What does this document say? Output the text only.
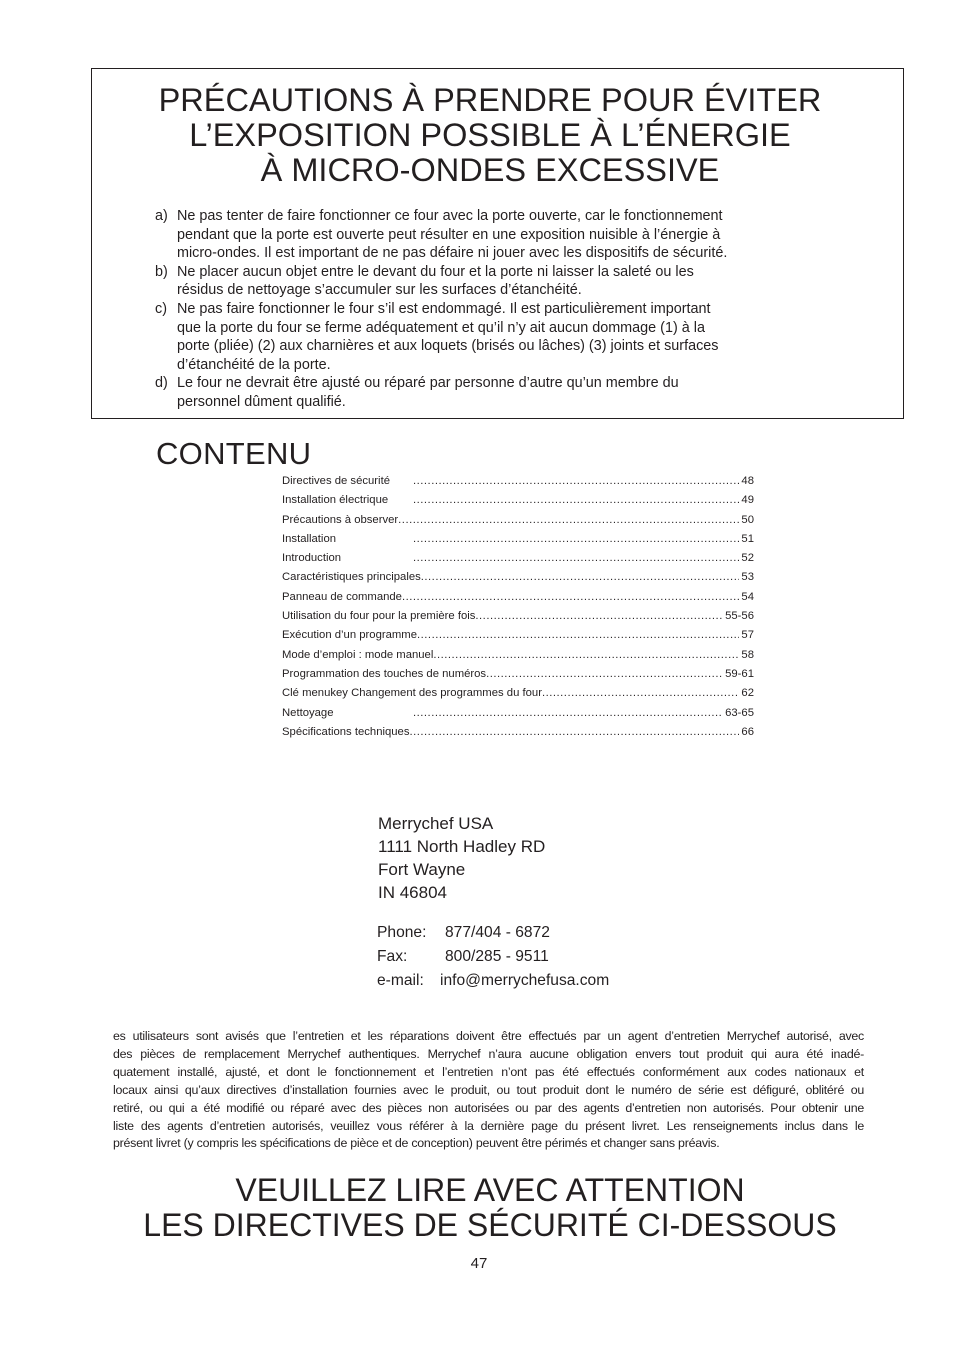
PRÉCAUTIONS À PRENDRE POUR ÉVITER
L’EXPOSITION POSSIBLE À L’ÉNERGIE
À MICRO-ONDES EXCESSIVE
a) Ne pas tenter de faire fonctionner ce four avec la porte ouverte, car le fonctionnement
pendant que la porte est ouverte peut résulter en une exposition nuisible à l’énergie à
micro-ondes. Il est important de ne pas défaire ni jouer avec les dispositifs de sécurité.
b) Ne placer aucun objet entre le devant du four et la porte ni laisser la saleté ou les
résidus de nettoyage s’accumuler sur les surfaces d’étanchéité.
c) Ne pas faire fonctionner le four s’il est endommagé. Il est particulièrement important
que la porte du four se ferme adéquatement et qu’il n’y ait aucun dommage (1) à la
porte (pliée) (2) aux charnières et aux loquets (brisés ou lâches) (3) joints et surfaces
d’étanchéité de la porte.
d) Le four ne devrait être ajusté ou réparé par personne d’autre qu’un membre du
personnel dûment qualifié.
CONTENU
Directives de sécurité .....	48
Installation électrique .....	49
Précautions à observer .....	50
Installation .....	51
Introduction .....	52
Caractéristiques principales .....	53
Panneau de commande .....	54
Utilisation du four pour la première fois .....	55-56
Exécution d’un programme .....	57
Mode d’emploi : mode manuel .....	58
Programmation des touches de numéros .....	59-61
Clé menukey Changement des programmes du four .....	62
Nettoyage .....	63-65
Spécifications techniques .....	66
Merrychef USA
1111 North Hadley RD
Fort Wayne
IN 46804
Phone:	877/404 - 6872
Fax:	800/285 - 9511
e-mail:	info@merrychefusa.com
es utilisateurs sont avisés que l’entretien et les réparations doivent être effectués par un agent d’entretien Merrychef autorisé, avec
des pièces de remplacement Merrychef authentiques. Merrychef n’aura aucune obligation envers tout produit qui aura été inadé-
quatement installé, ajusté, et dont le fonctionnement et l’entretien n’ont pas été effectués conformément aux codes nationaux et
locaux ainsi qu’aux directives d’installation fournies avec le produit, ou tout produit dont le numéro de série est défiguré, oblitéré ou
retiré, ou qui a été modifié ou réparé avec des pièces non autorisées ou par des agents d’entretien non autorisés. Pour obtenir une
liste des agents d’entretien autorisés, veuillez vous référer à la dernière page du présent livret. Les renseignements inclus dans le
présent livret (y compris les spécifications de pièce et de conception) peuvent être périmés et changer sans préavis.
VEUILLEZ LIRE AVEC ATTENTION
LES DIRECTIVES DE SÉCURITÉ CI-DESSOUS
47
